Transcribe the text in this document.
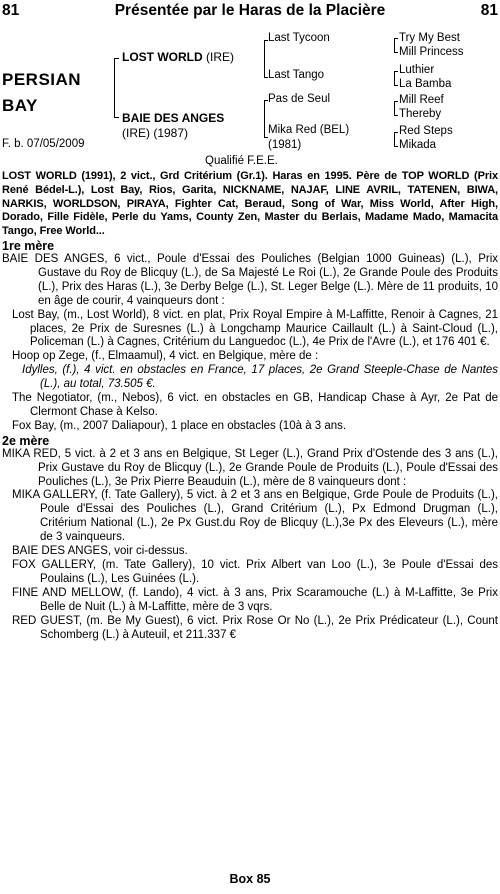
81	Présentée par le Haras de la Placière	81
PERSIAN
BAY
F. b. 07/05/2009
LOST WORLD (IRE)
BAIE DES ANGES
(IRE) (1987)
Last Tycoon
Last Tango
Pas de Seul
Mika Red (BEL)
(1981)
Try My Best
Mill Princess
Luthier
La Bamba
Mill Reef
Thereby
Red Steps
Mikada
Qualifié F.E.E.

LOST WORLD (1991), 2 vict., Grd Critérium (Gr.1). Haras en 1995. Père de TOP WORLD (Prix René Bédel-L.), Lost Bay, Rios, Garita, NICKNAME, NAJAF, LINE AVRIL, TATENEN, BIWA, NARKIS, WORLDSON, PIRAYA, Fighter Cat, Beraud, Song of War, Miss World, After High, Dorado, Fille Fidèle, Perle du Yams, County Zen, Master du Berlais, Madame Mado, Mamacita Tango, Free World...

1re mère

BAIE DES ANGES, 6 vict., Poule d'Essai des Pouliches (Belgian 1000 Guineas) (L.), Prix Gustave du Roy de Blicquy (L.), de Sa Majesté Le Roi (L.), 2e Grande Poule des Produits (L.), Prix des Haras (L.), 3e Derby Belge (L.), St. Leger Belge (L.). Mère de 11 produits, 10 en âge de courir, 4 vainqueurs dont :

Lost Bay, (m., Lost World), 8 vict. en plat, Prix Royal Empire à M-Laffitte, Renoir à Cagnes, 21 places, 2e Prix de Suresnes (L.) à Longchamp Maurice Caillault (L.) à Saint-Cloud (L.), Policeman (L.) à Cagnes, Critérium du Languedoc (L.), 4e Prix de l'Avre (L.), et 176 401 €.

Hoop op Zege, (f., Elmaamul), 4 vict. en Belgique, mère de :

Idylles, (f.), 4 vict. en obstacles en France, 17 places, 2e Grand Steeple-Chase de Nantes (L.), au total, 73.505 €.

The Negotiator, (m., Nebos), 6 vict. en obstacles en GB, Handicap Chase à Ayr, 2e Pat de Clermont Chase à Kelso.

Fox Bay, (m., 2007 Daliapour), 1 place en obstacles (10à à 3 ans.

2e mère

MIKA RED, 5 vict. à 2 et 3 ans en Belgique, St Leger (L.), Grand Prix d'Ostende des 3 ans (L.), Prix Gustave du Roy de Blicquy (L.), 2e Grande Poule de Produits (L.), Poule d'Essai des Pouliches (L.), 3e Prix Pierre Beauduin (L.), mère de 8 vainqueurs dont :

MIKA GALLERY, (f. Tate Gallery), 5 vict. à 2 et 3 ans en Belgique, Grde Poule de Produits (L.), Poule d'Essai des Pouliches (L.), Grand Critérium (L.), Px Edmond Drugman (L.), Critérium National (L.), 2e Px Gust.du Roy de Blicquy (L.),3e Px des Eleveurs (L.), mère de 3 vainqueurs.

BAIE DES ANGES, voir ci-dessus.

FOX GALLERY, (m. Tate Gallery), 10 vict. Prix Albert van Loo (L.), 3e Poule d'Essai des Poulains (L.), Les Guinées (L.).

FINE AND MELLOW, (f. Lando), 4 vict. à 3 ans, Prix Scaramouche (L.) à M-Laffitte, 3e Prix Belle de Nuit (L.) à M-Laffitte, mère de 3 vqrs.

RED GUEST, (m. Be My Guest), 6 vict. Prix Rose Or No (L.), 2e Prix Prédicateur (L.), Count Schomberg (L.) à Auteuil, et 211.337 €

Box 85
